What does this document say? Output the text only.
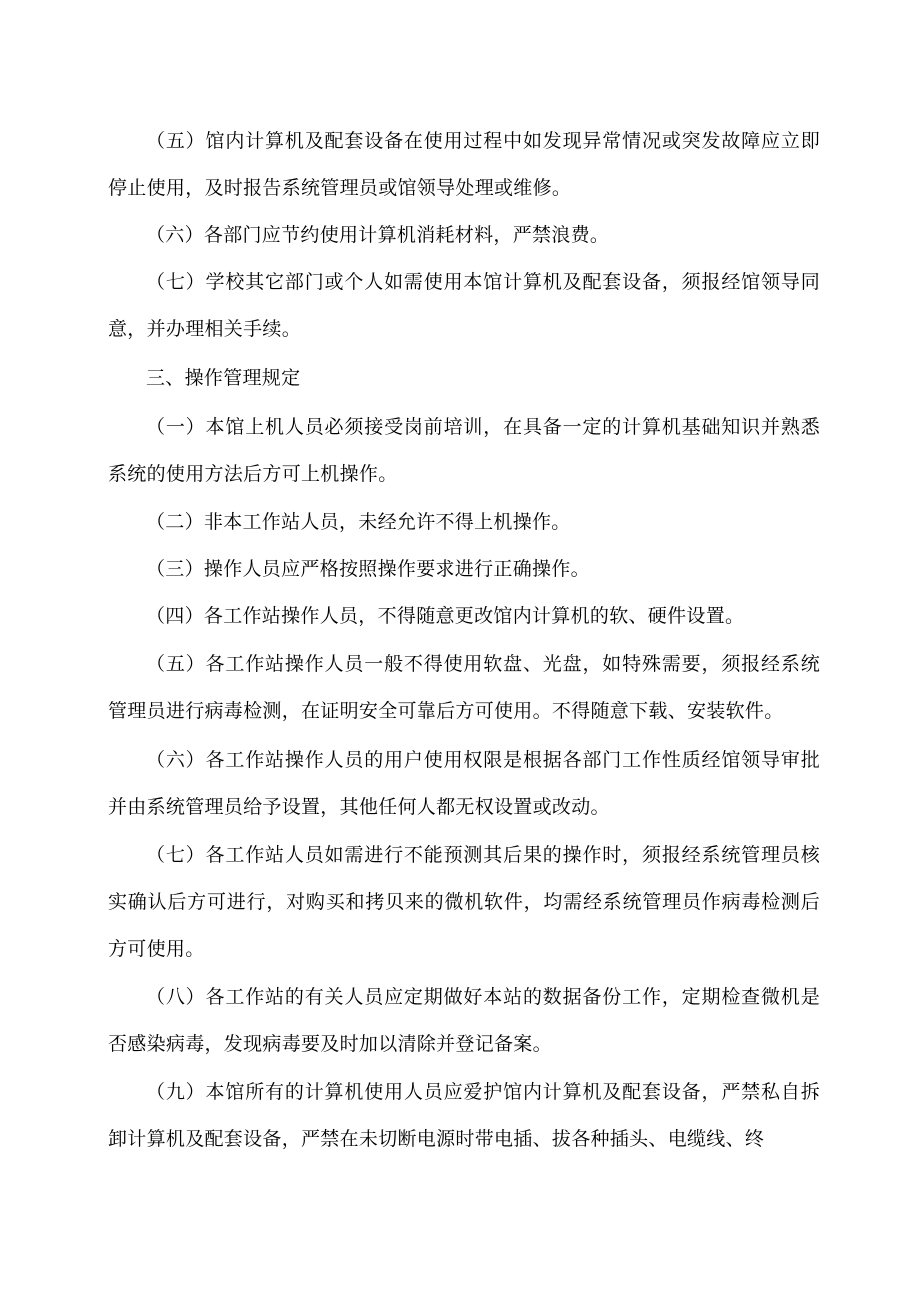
（五）馆内计算机及配套设备在使用过程中如发现异常情况或突发故障应立即停止使用，及时报告系统管理员或馆领导处理或维修。

（六）各部门应节约使用计算机消耗材料，严禁浪费。

（七）学校其它部门或个人如需使用本馆计算机及配套设备，须报经馆领导同意，并办理相关手续。

三、操作管理规定

（一）本馆上机人员必须接受岗前培训，在具备一定的计算机基础知识并熟悉系统的使用方法后方可上机操作。

（二）非本工作站人员，未经允许不得上机操作。

（三）操作人员应严格按照操作要求进行正确操作。

（四）各工作站操作人员，不得随意更改馆内计算机的软、硬件设置。

（五）各工作站操作人员一般不得使用软盘、光盘，如特殊需要，须报经系统管理员进行病毒检测，在证明安全可靠后方可使用。不得随意下载、安装软件。

（六）各工作站操作人员的用户使用权限是根据各部门工作性质经馆领导审批并由系统管理员给予设置，其他任何人都无权设置或改动。

（七）各工作站人员如需进行不能预测其后果的操作时，须报经系统管理员核实确认后方可进行，对购买和拷贝来的微机软件，均需经系统管理员作病毒检测后方可使用。

（八）各工作站的有关人员应定期做好本站的数据备份工作，定期检查微机是否感染病毒，发现病毒要及时加以清除并登记备案。

（九）本馆所有的计算机使用人员应爱护馆内计算机及配套设备，严禁私自拆卸计算机及配套设备，严禁在未切断电源时带电插、拔各种插头、电缆线、终
